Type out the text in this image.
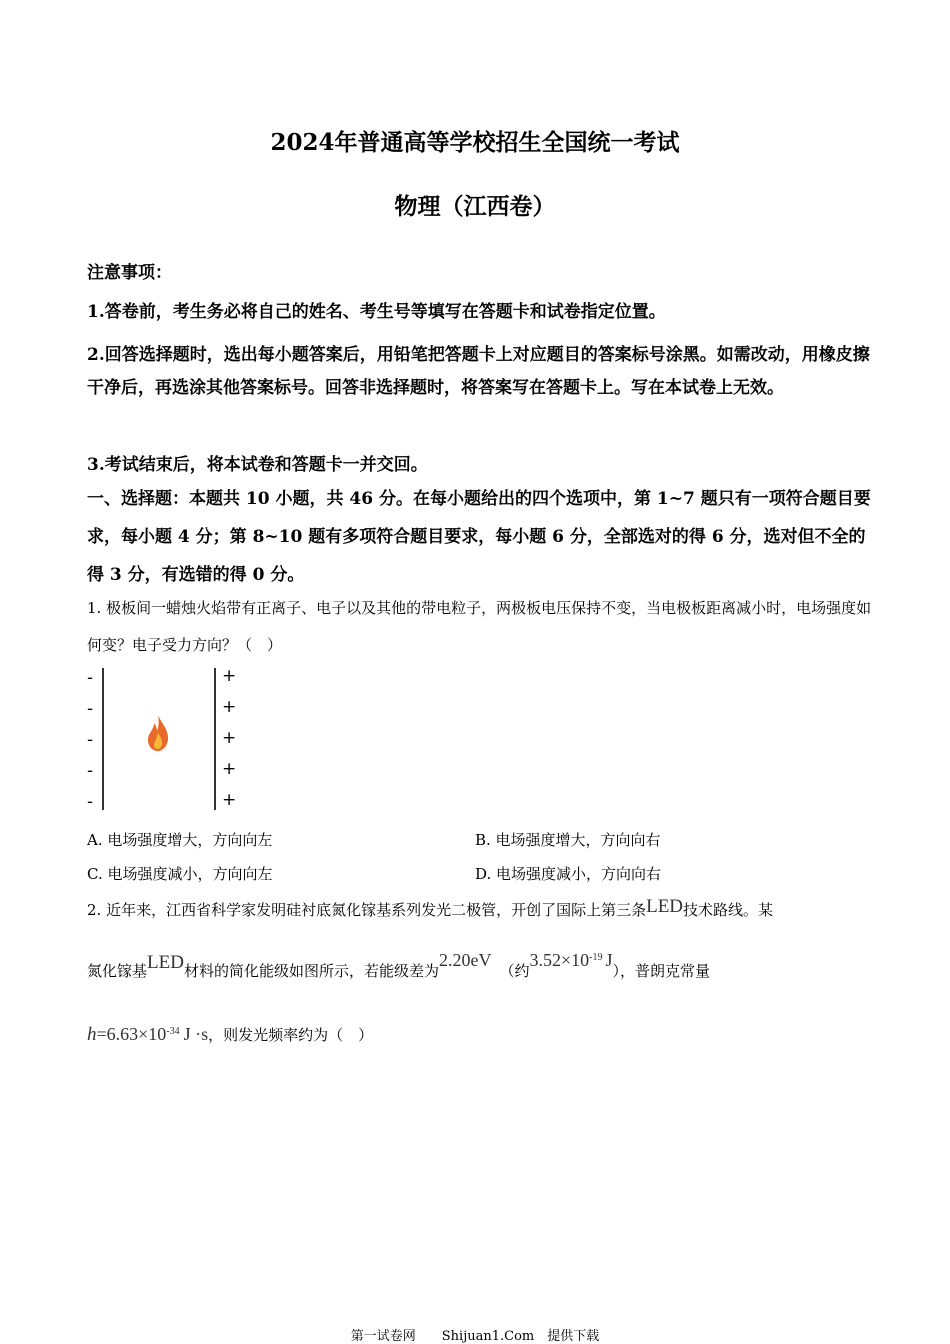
2024年普通高等学校招生全国统一考试
物理（江西卷）
注意事项：
1.答卷前，考生务必将自己的姓名、考生号等填写在答题卡和试卷指定位置。
2.回答选择题时，选出每小题答案后，用铅笔把答题卡上对应题目的答案标号涂黑。如需改动，用橡皮擦干净后，再选涂其他答案标号。回答非选择题时，将答案写在答题卡上。写在本试卷上无效。
3.考试结束后，将本试卷和答题卡一并交回。
一、选择题：本题共 10 小题，共 46 分。在每小题给出的四个选项中，第 1~7 题只有一项符合题目要求，每小题 4 分；第 8~10 题有多项符合题目要求，每小题 6 分，全部选对的得 6 分，选对但不全的得 3 分，有选错的得 0 分。
1. 极板间一蜡烛火焰带有正离子、电子以及其他的带电粒子，两极板电压保持不变，当电极板距离减小时，电场强度如何变？电子受力方向？（　）
-
-
-
-
-
+
+
+
+
+
A. 电场强度增大，方向向左	B. 电场强度增大，方向向右
C. 电场强度减小，方向向左	D. 电场强度减小，方向向右
2. 近年来，江西省科学家发明硅衬底氮化镓基系列发光二极管，开创了国际上第三条LED技术路线。某
氮化镓基LED材料的简化能级如图所示，若能级差为2.20eV（约$3.52\times 10^{-19}$ J），普朗克常量
$h=6.63\times 10^{-34}$ J ·s，则发光频率约为（　）
第一试卷网　　Shijuan1.Com　提供下载
